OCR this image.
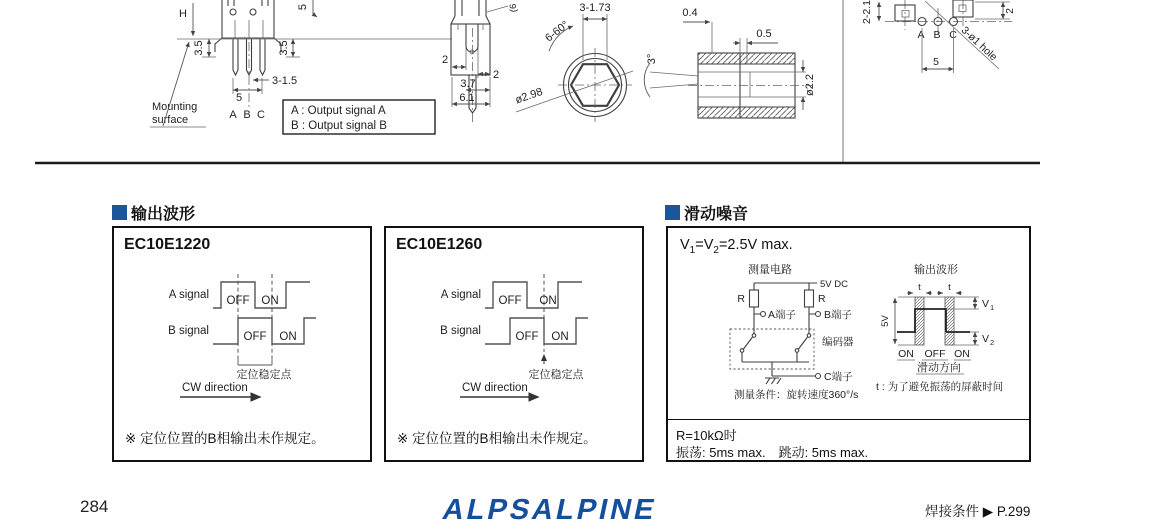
H
3.5	3.5
5
3-1.5
5
A B C
Mounting
surface
A : Output signal A
B : Output signal B
(6
2
2
3.7
6.1
3-1.73
6-60°
ø2.98
3°
0.4
0.5
ø2.2
A B C
2-2.1
3-ø1 hole
2
5
输出波形	滑动噪音
EC10E1220
A signal OFF ON
B signal	OFF ON
定位稳定点
CW direction
※ 定位位置的B相输出未作规定。
EC10E1260
A signal OFF ON
B signal	OFF ON
定位稳定点
CW direction
※ 定位位置的B相输出未作规定。
$V_1=V_2=2.5V$ max.
测量电路
5V DC
R	R
A端子	B端子
C端子
编码器
测量条件：旋转速度360°/s
输出波形
t	t
5V
V 1
V 2
ON OFF ON
滑动方向
t : 为了避免振荡的屏蔽时间
R=10kΩ时
振荡: 5ms max.　跳动: 5ms max.
284	ALPSALPINE	焊接条件 ▶ P.299
